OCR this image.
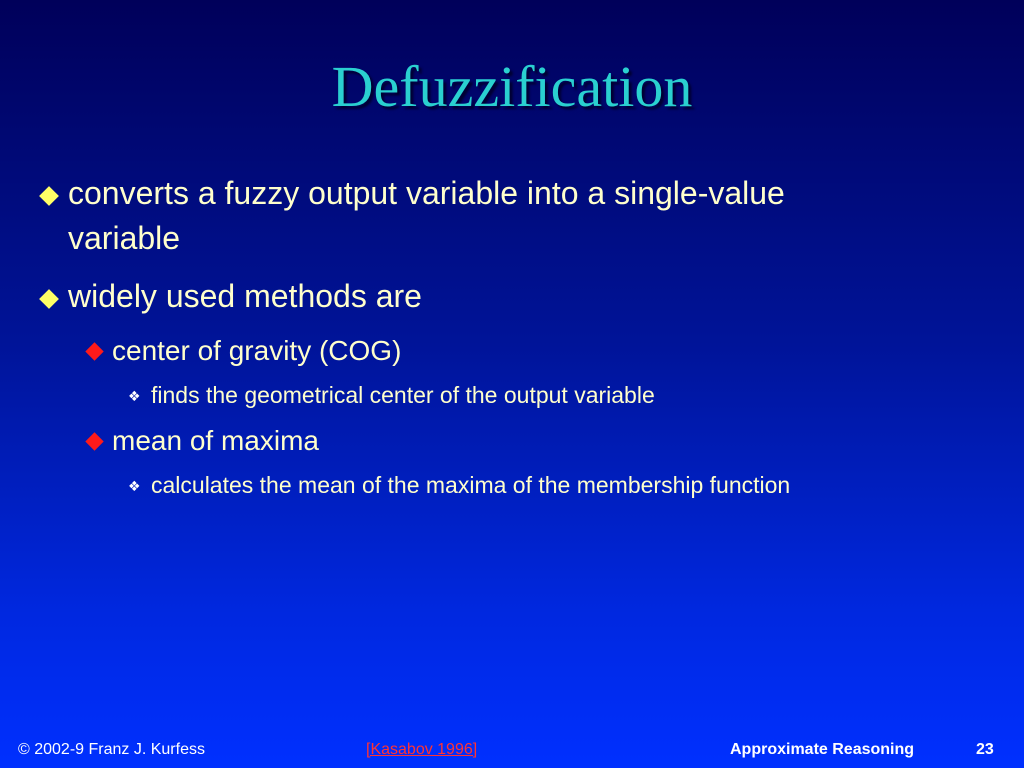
Defuzzification
converts a fuzzy output variable into a single-value
variable
widely used methods are
center of gravity (COG)
❖ finds the geometrical center of the output variable
mean of maxima
❖ calculates the mean of the maxima of the membership function
© 2002-9 Franz J. Kurfess	[Kasabov 1996]	Approximate Reasoning	23
